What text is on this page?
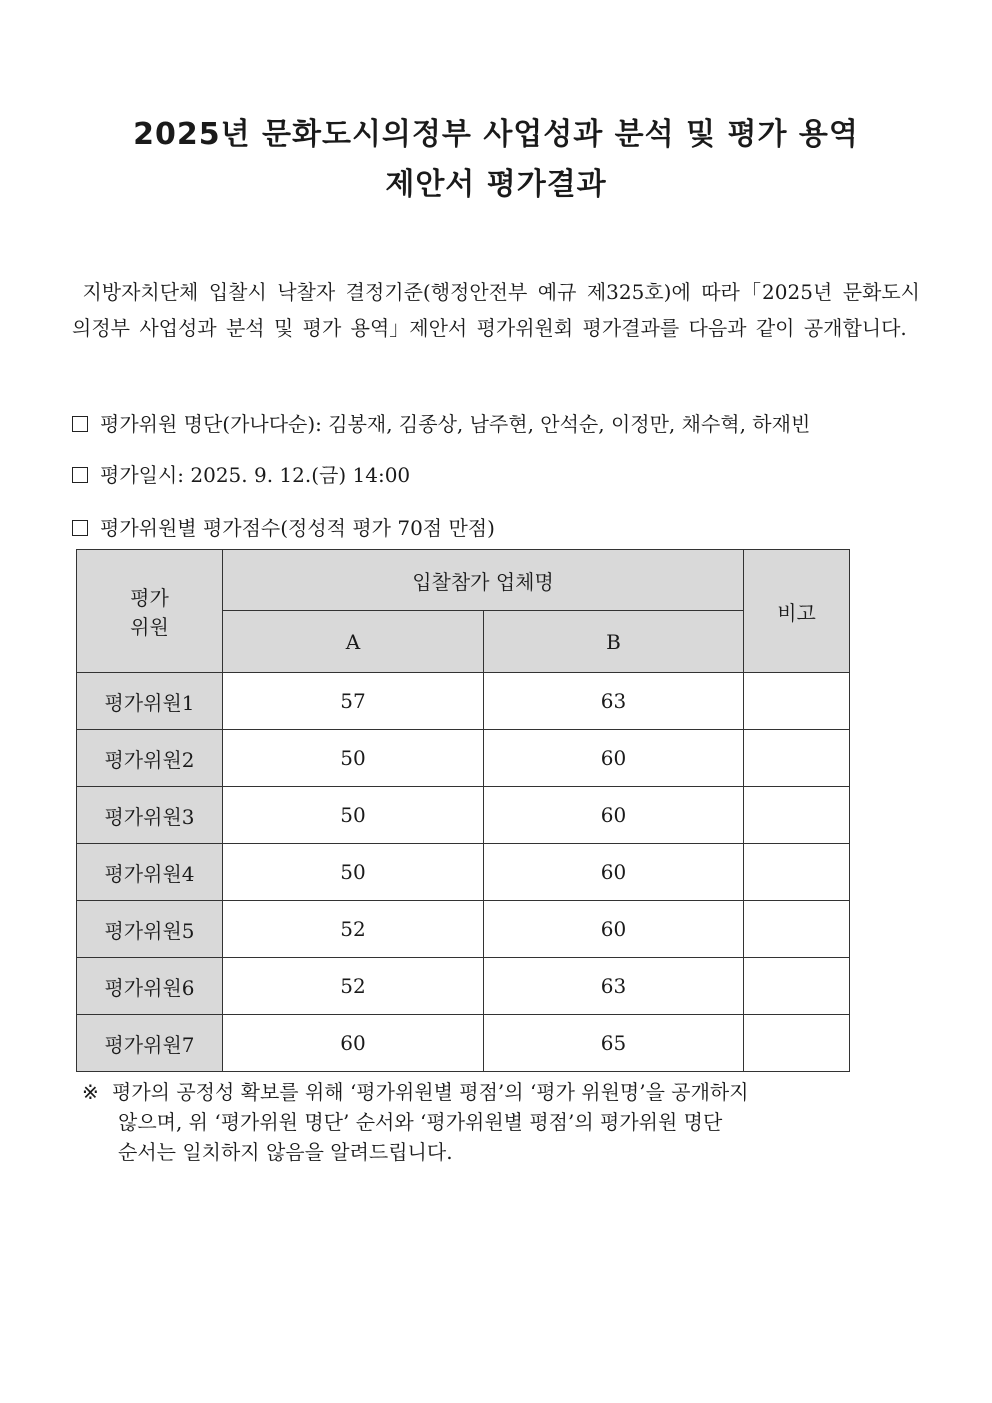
2025년 문화도시의정부 사업성과 분석 및 평가 용역
제안서 평가결과

지방자치단체 입찰시 낙찰자 결정기준(행정안전부 예규 제325호)에 따라「2025년 문화도시의정부 사업성과 분석 및 평가 용역」제안서 평가위원회 평가결과를 다음과 같이 공개합니다.

평가위원 명단(가나다순): 김봉재, 김종상, 남주현, 안석순, 이정만, 채수혁, 하재빈

평가일시: 2025. 9. 12.(금) 14:00

평가위원별 평가점수(정성적 평가 70점 만점)

평가
위원	입찰참가 업체명		비고
	A	B	
평가위원1	57	63	
평가위원2	50	60	
평가위원3	50	60	
평가위원4	50	60	
평가위원5	52	60	
평가위원6	52	63	
평가위원7	60	65	

※ 평가의 공정성 확보를 위해 ‘평가위원별 평점’의 ‘평가 위원명’을 공개하지
않으며, 위 ‘평가위원 명단’ 순서와 ‘평가위원별 평점’의 평가위원 명단
순서는 일치하지 않음을 알려드립니다.
